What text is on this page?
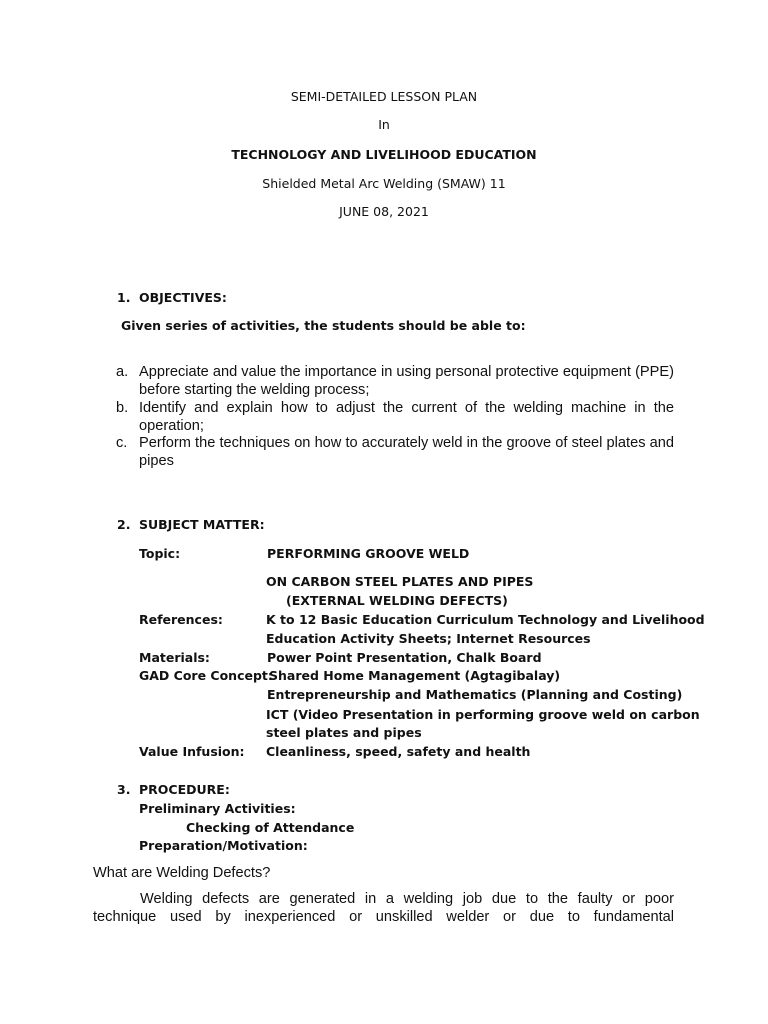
SEMI-DETAILED LESSON PLAN
In
TECHNOLOGY AND LIVELIHOOD EDUCATION
Shielded Metal Arc Welding (SMAW) 11
JUNE 08, 2021
1. OBJECTIVES:
Given series of activities, the students should be able to:
a. Appreciate and value the importance in using personal protective equipment (PPE) before starting the welding process;
b. Identify and explain how to adjust the current of the welding machine in the operation;
c. Perform the techniques on how to accurately weld in the groove of steel plates and pipes
2. SUBJECT MATTER:
Topic:	PERFORMING GROOVE WELD
ON CARBON STEEL PLATES AND PIPES
(EXTERNAL WELDING DEFECTS)
References:	K to 12 Basic Education Curriculum Technology and Livelihood
Education Activity Sheets; Internet Resources
Materials:	Power Point Presentation, Chalk Board
GAD Core Concept:
Shared Home Management (Agtagibalay)
Entrepreneurship and Mathematics (Planning and Costing)
ICT (Video Presentation in performing groove weld on carbon
steel plates and pipes
Value Infusion: Cleanliness, speed, safety and health
3. PROCEDURE:
Preliminary Activities:
Checking of Attendance
Preparation/Motivation:
What are Welding Defects?
Welding defects are generated in a welding job due to the faulty or poor
technique used by inexperienced or unskilled welder or due to fundamental
